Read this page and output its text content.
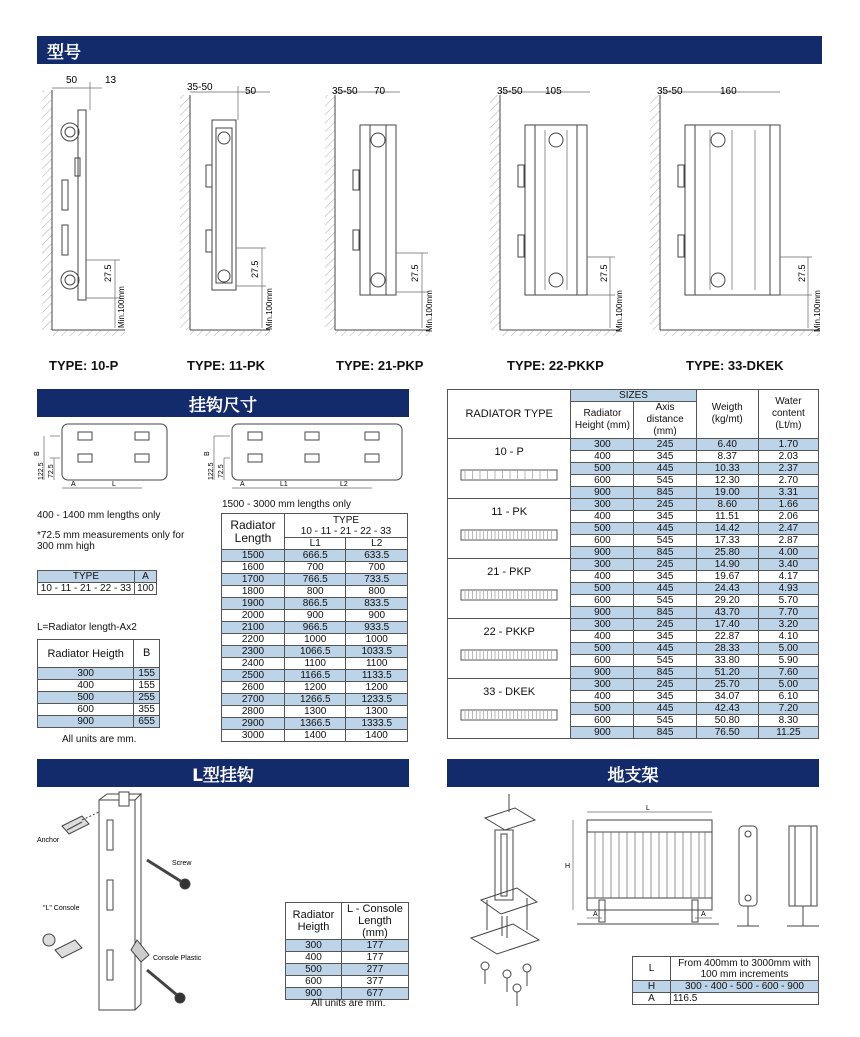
型号
挂钩尺寸
L型挂钩	地支架
50	13
27.5
Min.100mm
35-50	50
27.5
Min.100mm
35-50 70
27.5
Min.100mm
35-50 105
27.5
Min.100mm
35-50	160
27.5
Min.100mm
TYPE: 10-P	TYPE: 11-PK	TYPE: 21-PKP	TYPE: 22-PKKP	TYPE: 33-DKEK
B
122.5 72.5
A	L
B
122.5 72.5
A	L1	L2
1500 - 3000 mm lengths only
400 - 1400 mm lengths only
*72.5 mm measurements only for 300 mm high
TYPE	A
10 - 11 - 21 - 22 - 33	100
L=Radiator length-Ax2
Radiator Heigth	B
300	155
400	155
500	255
600	355
900	655
All units are mm.
Radiator Length	TYPE
10 - 11 - 21 - 22 - 33	

	L1	L2
1500	666.5	633.5
1600	700	700
1700	766.5	733.5
1800	800	800
1900	866.5	833.5
2000	900	900
2100	966.5	933.5
2200	1000	1000
2300	1066.5	1033.5
2400	1100	1100
2500	1166.5	1133.5
2600	1200	1200
2700	1266.5	1233.5
2800	1300	1300
2900	1366.5	1333.5
3000	1400	1400
RADIATOR TYPE	SIZES		Weigth (kg/mt)	Water content (Lt/m)
	Radiator Height (mm)	Axis distance (mm)		

10 - P	300	245	6.40	1.70
	400	345	8.37	2.03
	500	445	10.33	2.37
	600	545	12.30	2.70
	900	845	19.00	3.31

11 - PK	300	245	8.60	1.66
	400	345	11.51	2.06
	500	445	14.42	2.47
	600	545	17.33	2.87
	900	845	25.80	4.00

21 - PKP	300	245	14.90	3.40
	400	345	19.67	4.17
	500	445	24.43	4.93
	600	545	29.20	5.70
	900	845	43.70	7.70

22 - PKKP	300	245	17.40	3.20
	400	345	22.87	4.10
	500	445	28.33	5.00
	600	545	33.80	5.90
	900	845	51.20	7.60

33 - DKEK	300	245	25.70	5.00
	400	345	34.07	6.10
	500	445	42.43	7.20
	600	545	50.80	8.30
	900	845	76.50	11.25
Anchor
Screw
"L" Console
Console Plastic
Radiator Heigth	L - Console Length (mm)
300	177
400	177
500	277
600	377
900	677
All units are mm.
L
H
A	A
L	From 400mm to 3000mm with 100 mm increments
H	300 - 400 - 500 - 600 - 900
A	116.5
